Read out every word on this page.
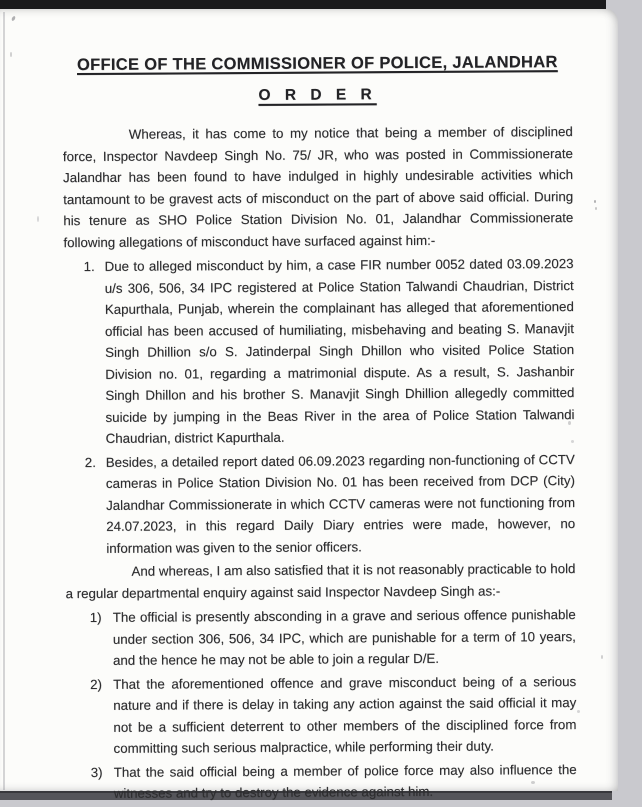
OFFICE OF THE COMMISSIONER OF POLICE, JALANDHAR
O R D E R

Whereas, it has come to my notice that being a member of disciplined force, Inspector Navdeep Singh No. 75/ JR, who was posted in Commissionerate Jalandhar has been found to have indulged in highly undesirable activities which tantamount to be gravest acts of misconduct on the part of above said official. During his tenure as SHO Police Station Division No. 01, Jalandhar Commissionerate following allegations of misconduct have surfaced against him:-

1. Due to alleged misconduct by him, a case FIR number 0052 dated 03.09.2023 u/s 306, 506, 34 IPC registered at Police Station Talwandi Chaudrian, District Kapurthala, Punjab, wherein the complainant has alleged that aforementioned official has been accused of humiliating, misbehaving and beating S. Manavjit Singh Dhillion s/o S. Jatinderpal Singh Dhillon who visited Police Station Division no. 01, regarding a matrimonial dispute. As a result, S. Jashanbir Singh Dhillon and his brother S. Manavjit Singh Dhillion allegedly committed suicide by jumping in the Beas River in the area of Police Station Talwandi Chaudrian, district Kapurthala.

2. Besides, a detailed report dated 06.09.2023 regarding non-functioning of CCTV cameras in Police Station Division No. 01 has been received from DCP (City) Jalandhar Commissionerate in which CCTV cameras were not functioning from 24.07.2023, in this regard Daily Diary entries were made, however, no information was given to the senior officers.

And whereas, I am also satisfied that it is not reasonably practicable to hold a regular departmental enquiry against said Inspector Navdeep Singh as:-

1) The official is presently absconding in a grave and serious offence punishable under section 306, 506, 34 IPC, which are punishable for a term of 10 years, and the hence he may not be able to join a regular D/E.

2) That the aforementioned offence and grave misconduct being of a serious nature and if there is delay in taking any action against the said official it may not be a sufficient deterrent to other members of the disciplined force from committing such serious malpractice, while performing their duty.

3) That the said official being a member of police force may also influence the witnesses and try to destroy the evidence against him.
